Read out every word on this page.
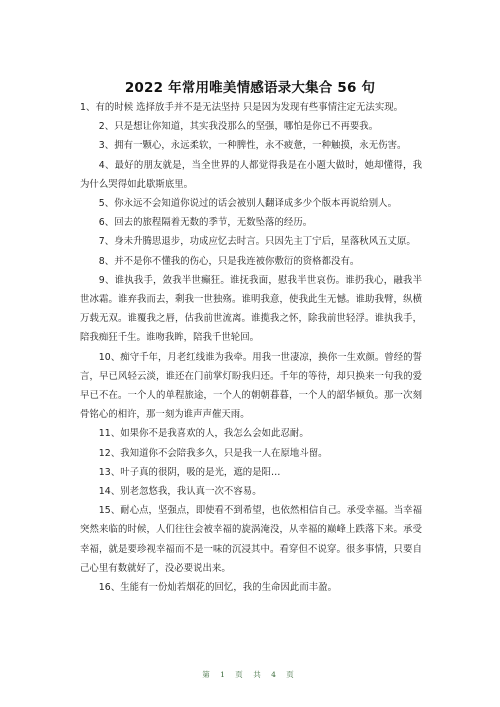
2022 年常用唯美情感语录大集合 56 句

1、有的时候 选择放手并不是无法坚持 只是因为发现有些事情注定无法实现。

2、只是想让你知道，其实我没那么的坚强，哪怕是你已不再要我。

3、拥有一颗心，永远柔软，一种脾性，永不疲惫，一种触摸，永无伤害。

4、最好的朋友就是，当全世界的人都觉得我是在小题大做时，她却懂得，我为什么哭得如此歇斯底里。

5、你永远不会知道你说过的话会被别人翻译成多少个版本再说给别人。

6、回去的旅程隔着无数的季节，无数坠落的经历。

7、身未升腾思退步，功成应忆去时言。只因先主丁宁后，星落秋风五丈原。

8、并不是你不懂我的伤心，只是我连被你敷衍的资格都没有。

9、谁执我手，敛我半世癫狂。谁抚我面，慰我半世哀伤。谁扔我心，融我半世冰霜。谁弃我而去，剩我一世独殇。谁明我意，使我此生无憾。谁助我臂，纵横万载无双。谁覆我之唇，估我前世流离。谁揽我之怀，除我前世轻浮。谁执我手，陪我痴狂千生。谁吻我眸，陪我千世轮回。

10、痴守千年，月老红线谁为我牵。用我一世凄凉，换你一生欢颜。曾经的誓言，早已风轻云淡，谁还在门前掌灯盼我归还。千年的等待，却只换来一句我的爱早已不在。一个人的单程旅途，一个人的朝朝暮暮，一个人的韶华倾负。那一次刻骨铭心的相许，那一刻为谁声声催天雨。

11、如果你不是我喜欢的人，我怎么会如此忍耐。

12、我知道你不会陪我多久，只是我一人在原地斗留。

13、叶子真的很阴，吸的是光，遮的是阳…

14、别老忽悠我，我认真一次不容易。

15、耐心点，坚强点，即使看不到希望，也依然相信自己。承受幸福。当幸福突然来临的时候，人们往往会被幸福的旋涡淹没，从幸福的巅峰上跌落下来。承受幸福，就是要珍视幸福而不是一味的沉浸其中。看穿但不说穿。很多事情，只要自己心里有数就好了，没必要说出来。

16、生能有一份灿若烟花的回忆，我的生命因此而丰盈。

第 1 页 共 4 页
